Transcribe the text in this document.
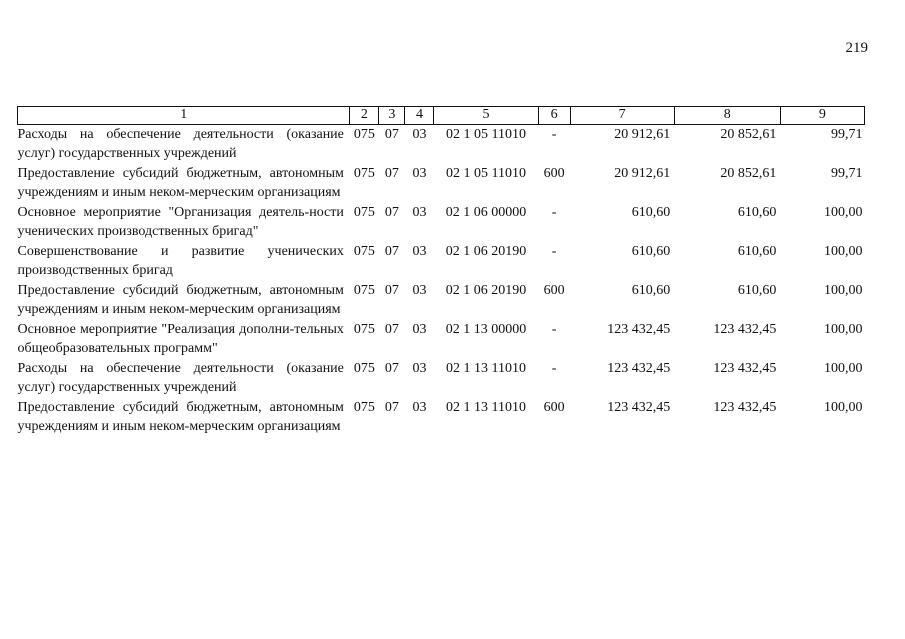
219
1	2	3	4	5	6	7	8	9
Расходы на обеспечение деятельности (оказание услуг) государственных учреждений	075	07	03	02 1 05 11010	-	20 912,61	20 852,61	99,71
Предоставление субсидий бюджетным, автономным учреждениям и иным неком-мерческим организациям	075	07	03	02 1 05 11010	600	20 912,61	20 852,61	99,71
Основное мероприятие "Организация деятель-ности ученических производственных бригад"	075	07	03	02 1 06 00000	-	610,60	610,60	100,00
Совершенствование и развитие ученических производственных бригад	075	07	03	02 1 06 20190	-	610,60	610,60	100,00
Предоставление субсидий бюджетным, автономным учреждениям и иным неком-мерческим организациям	075	07	03	02 1 06 20190	600	610,60	610,60	100,00
Основное мероприятие "Реализация дополни-тельных общеобразовательных программ"	075	07	03	02 1 13 00000	-	123 432,45	123 432,45	100,00
Расходы на обеспечение деятельности (оказание услуг) государственных учреждений	075	07	03	02 1 13 11010	-	123 432,45	123 432,45	100,00
Предоставление субсидий бюджетным, автономным учреждениям и иным неком-мерческим организациям	075	07	03	02 1 13 11010	600	123 432,45	123 432,45	100,00
